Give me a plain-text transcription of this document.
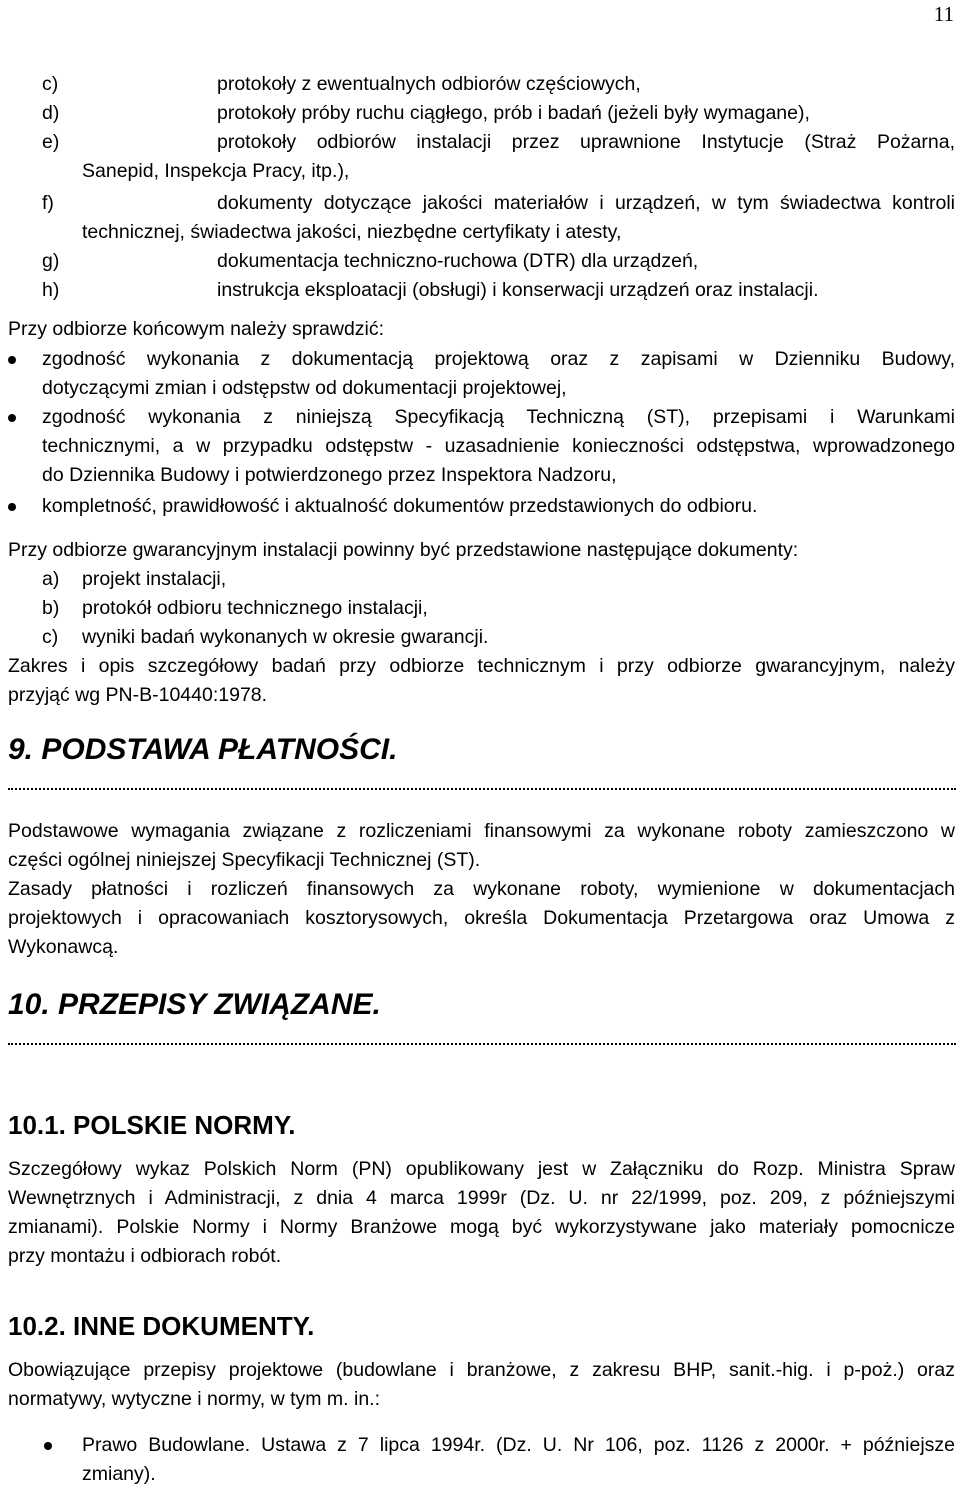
11
c)	protokoły z ewentualnych odbiorów częściowych,
d)	protokoły próby ruchu ciągłego, prób i badań (jeżeli były wymagane),
e)	protokoły odbiorów instalacji przez uprawnione Instytucje (Straż Pożarna,
Sanepid, Inspekcja Pracy, itp.),
f)	dokumenty dotyczące jakości materiałów i urządzeń, w tym świadectwa kontroli
technicznej, świadectwa jakości, niezbędne certyfikaty i atesty,
g)	dokumentacja techniczno-ruchowa (DTR) dla urządzeń,
h)	instrukcja eksploatacji (obsługi) i konserwacji urządzeń oraz instalacji.
Przy odbiorze końcowym należy sprawdzić:
zgodność wykonania z dokumentacją projektową oraz z zapisami w Dzienniku Budowy,
dotyczącymi zmian i odstępstw od dokumentacji projektowej,
zgodność wykonania z niniejszą Specyfikacją Techniczną (ST), przepisami i Warunkami
technicznymi, a w przypadku odstępstw - uzasadnienie konieczności odstępstwa, wprowadzonego
do Dziennika Budowy i potwierdzonego przez Inspektora Nadzoru,
kompletność, prawidłowość i aktualność dokumentów przedstawionych do odbioru.
Przy odbiorze gwarancyjnym instalacji powinny być przedstawione następujące dokumenty:
a) projekt instalacji,
b) protokół odbioru technicznego instalacji,
c) wyniki badań wykonanych w okresie gwarancji.
Zakres i opis szczegółowy badań przy odbiorze technicznym i przy odbiorze gwarancyjnym, należy
przyjąć wg PN-B-10440:1978.
9. PODSTAWA PŁATNOŚCI.
Podstawowe wymagania związane z rozliczeniami finansowymi za wykonane roboty zamieszczono w
części ogólnej niniejszej Specyfikacji Technicznej (ST).
Zasady płatności i rozliczeń finansowych za wykonane roboty, wymienione w dokumentacjach
projektowych i opracowaniach kosztorysowych, określa Dokumentacja Przetargowa oraz Umowa z
Wykonawcą.
10. PRZEPISY ZWIĄZANE.
10.1. POLSKIE NORMY.
Szczegółowy wykaz Polskich Norm (PN) opublikowany jest w Załączniku do Rozp. Ministra Spraw
Wewnętrznych i Administracji, z dnia 4 marca 1999r (Dz. U. nr 22/1999, poz. 209, z późniejszymi
zmianami). Polskie Normy i Normy Branżowe mogą być wykorzystywane jako materiały pomocnicze
przy montażu i odbiorach robót.
10.2. INNE DOKUMENTY.
Obowiązujące przepisy projektowe (budowlane i branżowe, z zakresu BHP, sanit.-hig. i p-poż.) oraz
normatywy, wytyczne i normy, w tym m. in.:
Prawo Budowlane. Ustawa z 7 lipca 1994r. (Dz. U. Nr 106, poz. 1126 z 2000r. + późniejsze
zmiany).
